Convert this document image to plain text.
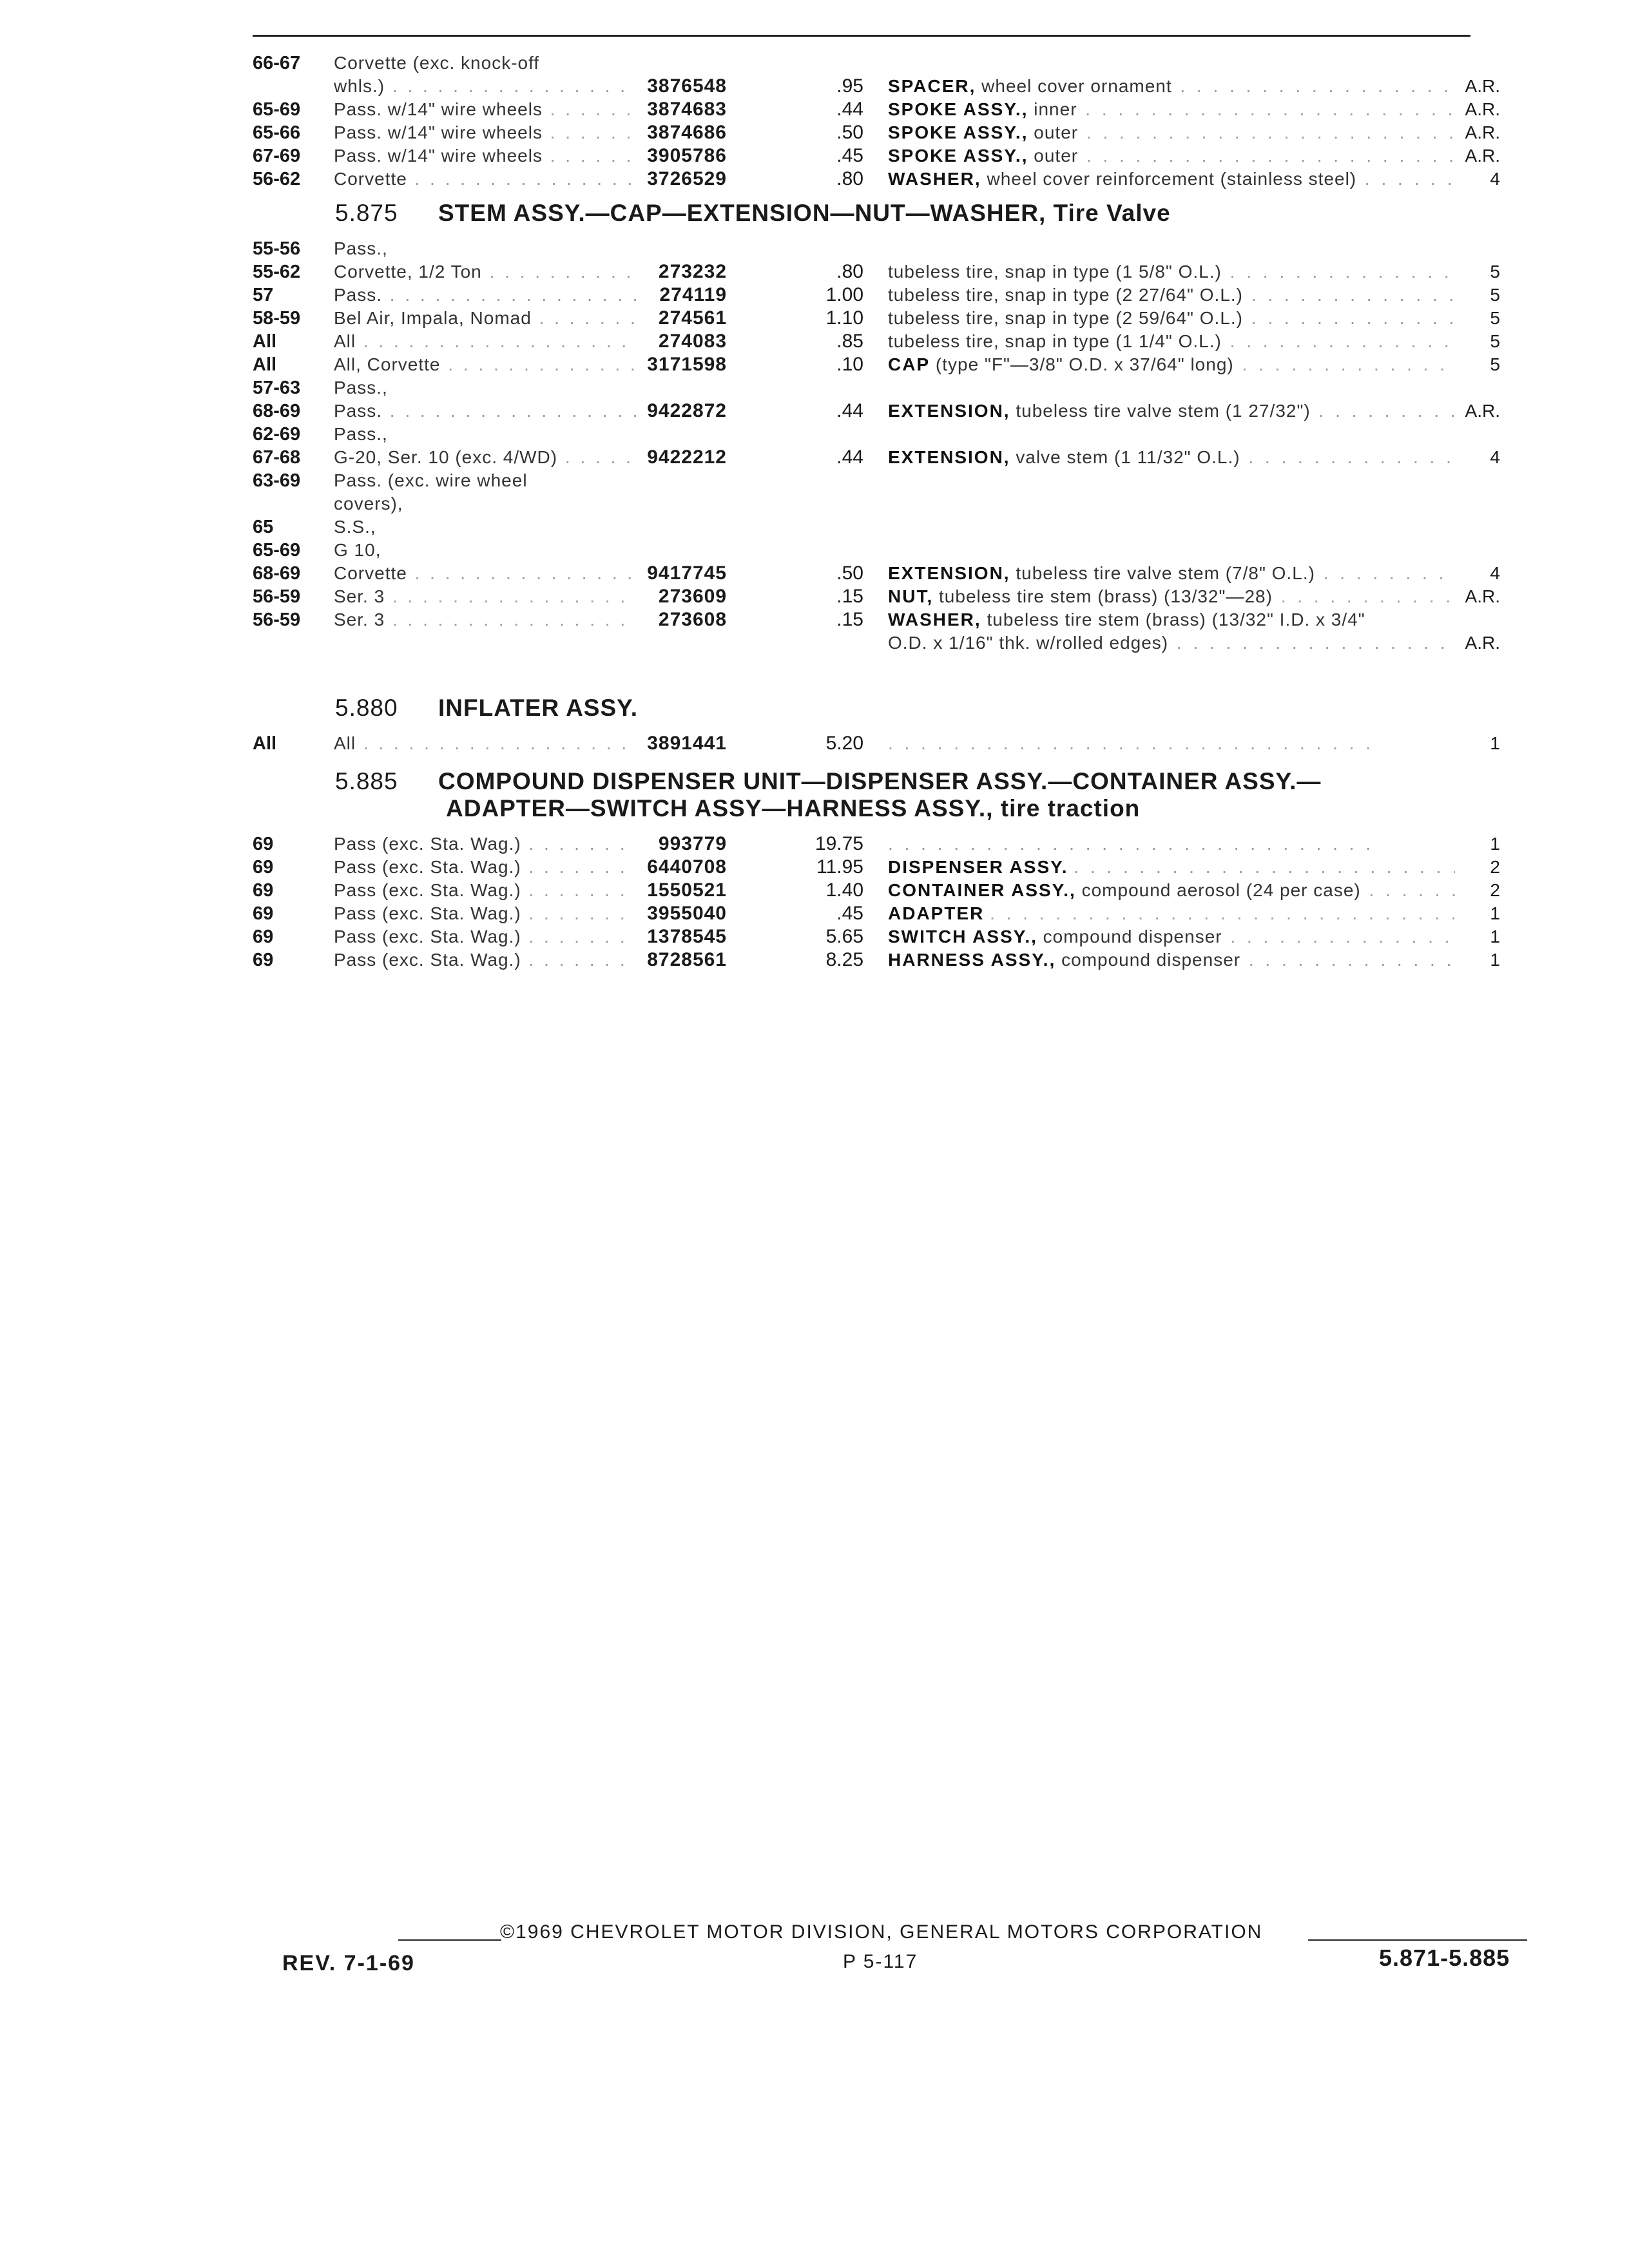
66-67	Corvette (exc. knock-off
whls.) . . .	3876548	.95 SPACER, wheel cover ornament . . .	A.R.
65-69	Pass. w/14" wire wheels . . .	3874683	.44 SPOKE ASSY., inner . . .	A.R.
65-66	Pass. w/14" wire wheels . . .	3874686	.50 SPOKE ASSY., outer . . .	A.R.
67-69	Pass. w/14" wire wheels . . .	3905786	.45 SPOKE ASSY., outer . . .	A.R.
56-62	Corvette . . .	3726529	.80 WASHER, wheel cover reinforcement (stainless steel) . . .	4
5.875 STEM ASSY.—CAP—EXTENSION—NUT—WASHER, Tire Valve
55-56	Pass.,
55-62	Corvette, 1/2 Ton . . .	273232	.80 tubeless tire, snap in type (1 5/8" O.L.) . . .	5
57	Pass. . . .	274119	1.00 tubeless tire, snap in type (2 27/64" O.L.) . . .	5
58-59	Bel Air, Impala, Nomad . . .	274561	1.10 tubeless tire, snap in type (2 59/64" O.L.) . . .	5
All	All . . .	274083	.85 tubeless tire, snap in type (1 1/4" O.L.) . . .	5
All	All, Corvette . . .	3171598	.10 CAP (type "F"—3/8" O.D. x 37/64" long) . . .	5
57-63	Pass.,
68-69	Pass. . . .	9422872	.44 EXTENSION, tubeless tire valve stem (1 27/32") . . .	A.R.
62-69	Pass.,
67-68	G-20, Ser. 10 (exc. 4/WD) . . .	9422212	.44 EXTENSION, valve stem (1 11/32" O.L.) . . .	4
63-69	Pass. (exc. wire wheel
covers),
65	S.S.,
65-69	G 10,
68-69	Corvette . . .	9417745	.50 EXTENSION, tubeless tire valve stem (7/8" O.L.) . . .	4
56-59	Ser. 3 . . .	273609	.15 NUT, tubeless tire stem (brass) (13/32"—28) . . .	A.R.
56-59	Ser. 3 . . .	273608	.15 WASHER, tubeless tire stem (brass) (13/32" I.D. x 3/4"
O.D. x 1/16" thk. w/rolled edges) . . .	A.R.
5.880 INFLATER ASSY.
All	All . . .	3891441	5.20 . . .	1
5.885 COMPOUND DISPENSER UNIT—DISPENSER ASSY.—CONTAINER ASSY.—
ADAPTER—SWITCH ASSY—HARNESS ASSY., tire traction
69	Pass (exc. Sta. Wag.) . . .	993779	19.75 . . .	1
69	Pass (exc. Sta. Wag.) . . .	6440708	11.95 DISPENSER ASSY. . . .	2
69	Pass (exc. Sta. Wag.) . . .	1550521	1.40 CONTAINER ASSY., compound aerosol (24 per case) . . .	2
69	Pass (exc. Sta. Wag.) . . .	3955040	.45 ADAPTER . . .	1
69	Pass (exc. Sta. Wag.) . . .	1378545	5.65 SWITCH ASSY., compound dispenser . . .	1
69	Pass (exc. Sta. Wag.) . . .	8728561	8.25 HARNESS ASSY., compound dispenser . . .	1
©1969 CHEVROLET MOTOR DIVISION, GENERAL MOTORS CORPORATION
REV. 7-1-69	P 5-117	5.871-5.885
